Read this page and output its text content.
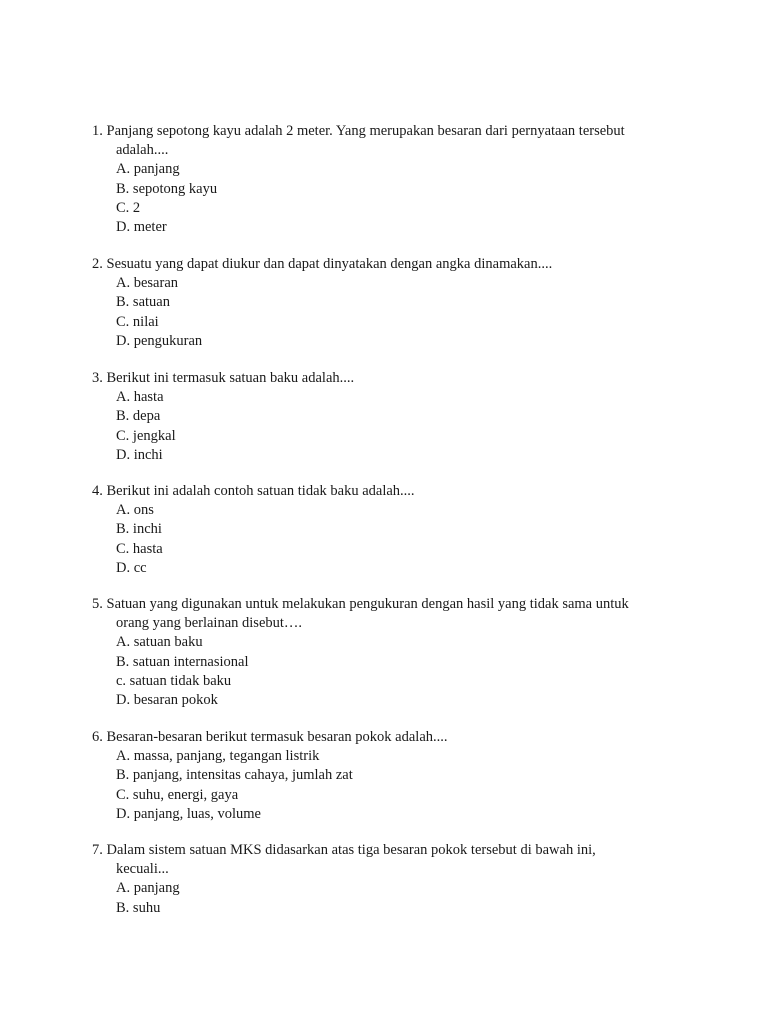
1. Panjang sepotong kayu adalah 2 meter. Yang merupakan besaran dari pernyataan tersebut
adalah....
A. panjang
B. sepotong kayu
C. 2
D. meter
2. Sesuatu yang dapat diukur dan dapat dinyatakan dengan angka dinamakan....
A. besaran
B. satuan
C. nilai
D. pengukuran
3. Berikut ini termasuk satuan baku adalah....
A. hasta
B. depa
C. jengkal
D. inchi
4. Berikut ini adalah contoh satuan tidak baku adalah....
A. ons
B. inchi
C. hasta
D. cc
5. Satuan yang digunakan untuk melakukan pengukuran dengan hasil yang tidak sama untuk
orang yang berlainan disebut….
A. satuan baku
B. satuan internasional
c. satuan tidak baku
D. besaran pokok
6. Besaran-besaran berikut termasuk besaran pokok adalah....
A. massa, panjang, tegangan listrik
B. panjang, intensitas cahaya, jumlah zat
C. suhu, energi, gaya
D. panjang, luas, volume
7. Dalam sistem satuan MKS didasarkan atas tiga besaran pokok tersebut di bawah ini,
kecuali...
A. panjang
B. suhu
